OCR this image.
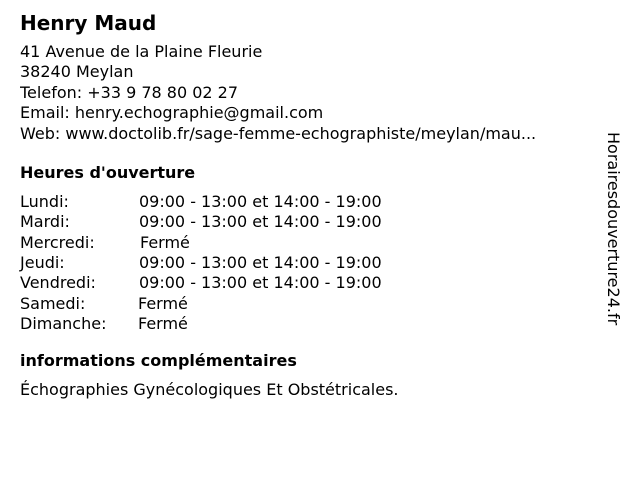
Henry Maud
41 Avenue de la Plaine Fleurie
38240 Meylan
Telefon: +33 9 78 80 02 27
Email: henry.echographie@gmail.com
Web: www.doctolib.fr/sage-femme-echographiste/meylan/mau...
Heures d'ouverture
Lundi:	09:00 - 13:00 et 14:00 - 19:00
Mardi:	09:00 - 13:00 et 14:00 - 19:00
Mercredi:	Fermé
Jeudi:	09:00 - 13:00 et 14:00 - 19:00
Vendredi:	09:00 - 13:00 et 14:00 - 19:00
Samedi:	Fermé
Dimanche:	Fermé
informations complémentaires
Échographies Gynécologiques Et Obstétricales.
Horairesdouverture24.fr
